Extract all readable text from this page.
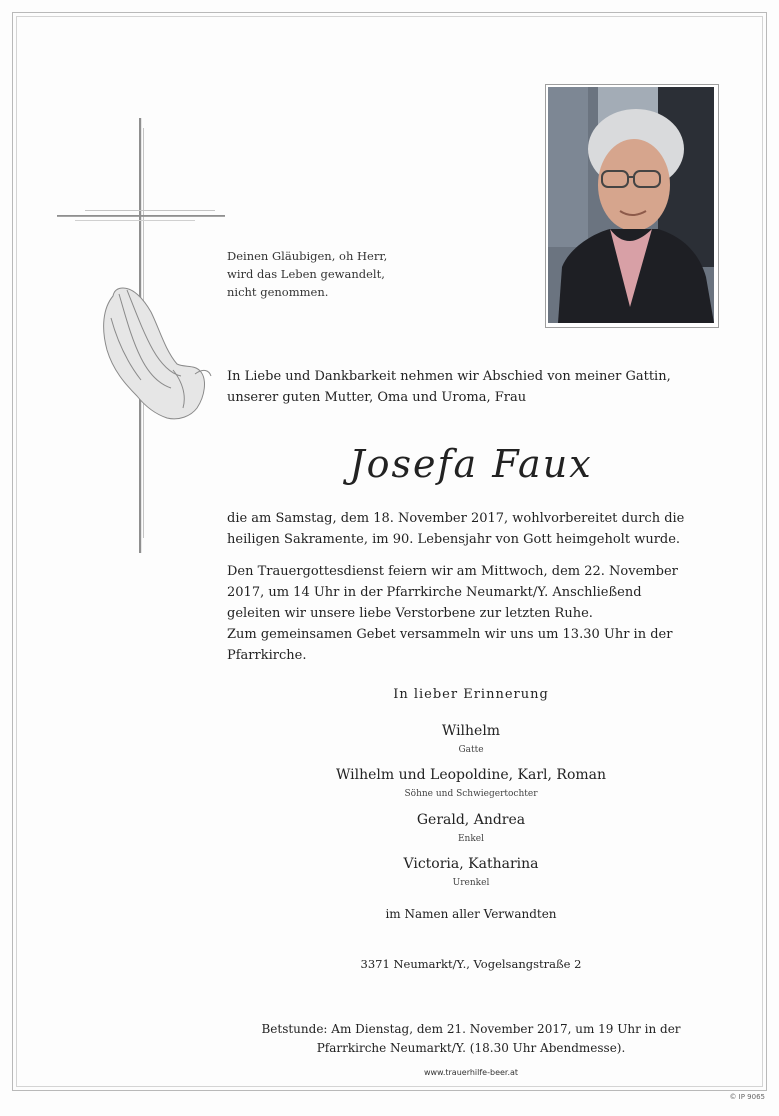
Deinen Gläubigen, oh Herr,
wird das Leben gewandelt,
nicht genommen.
In Liebe und Dankbarkeit nehmen wir Abschied von meiner Gattin,
unserer guten Mutter, Oma und Uroma, Frau
Josefa Faux
die am Samstag, dem 18. November 2017, wohlvorbereitet durch die
heiligen Sakramente, im 90. Lebensjahr von Gott heimgeholt wurde.
Den Trauergottesdienst feiern wir am Mittwoch, dem 22. November
2017, um 14 Uhr in der Pfarrkirche Neumarkt/Y. Anschließend
geleiten wir unsere liebe Verstorbene zur letzten Ruhe.
Zum gemeinsamen Gebet versammeln wir uns um 13.30 Uhr in der
Pfarrkirche.
In lieber Erinnerung
Wilhelm
Gatte
Wilhelm und Leopoldine, Karl, Roman
Söhne und Schwiegertochter
Gerald, Andrea
Enkel
Victoria, Katharina
Urenkel
im Namen aller Verwandten
3371 Neumarkt/Y., Vogelsangstraße 2
Betstunde: Am Dienstag, dem 21. November 2017, um 19 Uhr in der
Pfarrkirche Neumarkt/Y. (18.30 Uhr Abendmesse).
www.trauerhilfe-beer.at
© IP 9065
